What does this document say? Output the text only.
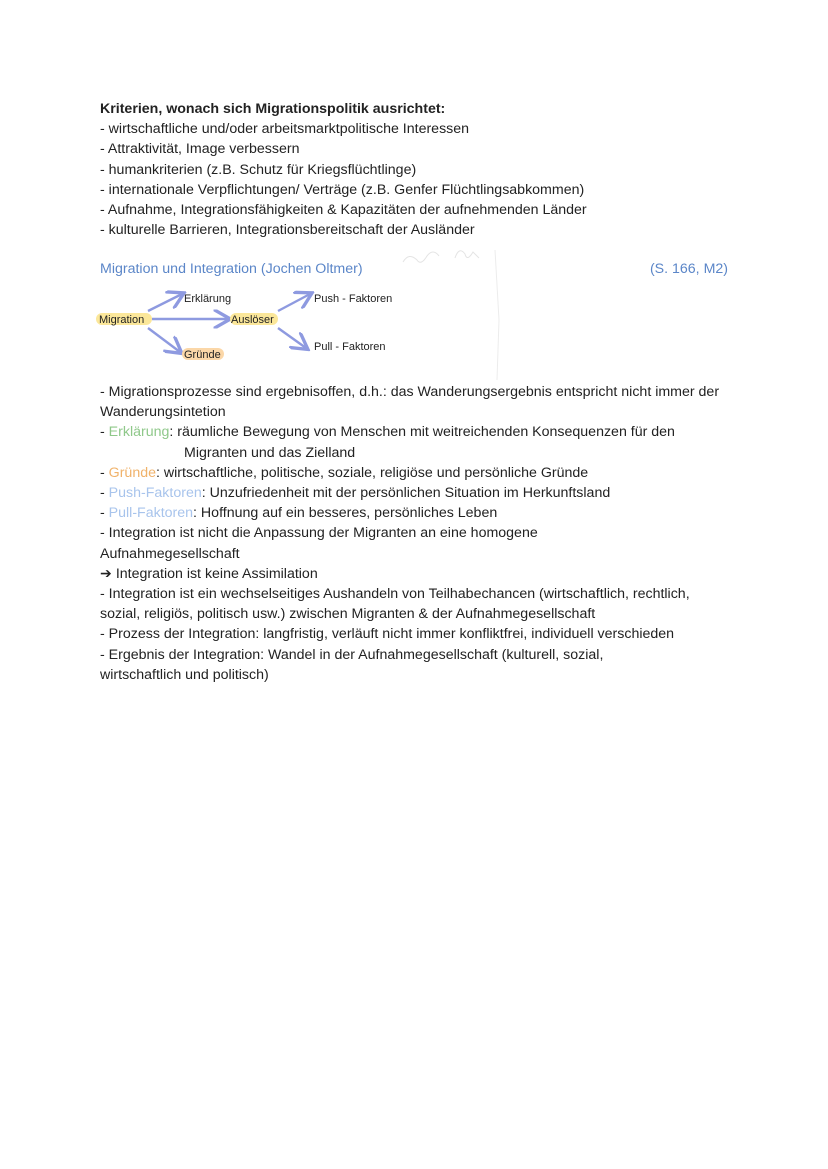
Kriterien, wonach sich Migrationspolitik ausrichtet:
- wirtschaftliche und/oder arbeitsmarktpolitische Interessen
- Attraktivität, Image verbessern
- humankriterien (z.B. Schutz für Kriegsflüchtlinge)
- internationale Verpflichtungen/ Verträge (z.B. Genfer Flüchtlingsabkommen)
- Aufnahme, Integrationsfähigkeiten & Kapazitäten der aufnehmenden Länder
- kulturelle Barrieren, Integrationsbereitschaft der Ausländer
Migration und Integration (Jochen Oltmer)	(S. 166, M2)
Migration
Erklärung
Auslöser
Gründe
Push - Faktoren
Pull - Faktoren
- Migrationsprozesse sind ergebnisoffen, d.h.: das Wanderungsergebnis entspricht nicht immer der Wanderungsintetion
- Erklärung: räumliche Bewegung von Menschen mit weitreichenden Konsequenzen für den
Migranten und das Zielland
- Gründe: wirtschaftliche, politische, soziale, religiöse und persönliche Gründe
- Push-Faktoren: Unzufriedenheit mit der persönlichen Situation im Herkunftsland
- Pull-Faktoren: Hoffnung auf ein besseres, persönliches Leben
- Integration ist nicht die Anpassung der Migranten an eine homogene Aufnahmegesellschaft
➔ Integration ist keine Assimilation
- Integration ist ein wechselseitiges Aushandeln von Teilhabechancen (wirtschaftlich, rechtlich, sozial, religiös, politisch usw.) zwischen Migranten & der Aufnahmegesellschaft
- Prozess der Integration: langfristig, verläuft nicht immer konfliktfrei, individuell verschieden
- Ergebnis der Integration: Wandel in der Aufnahmegesellschaft (kulturell, sozial, wirtschaftlich und politisch)
